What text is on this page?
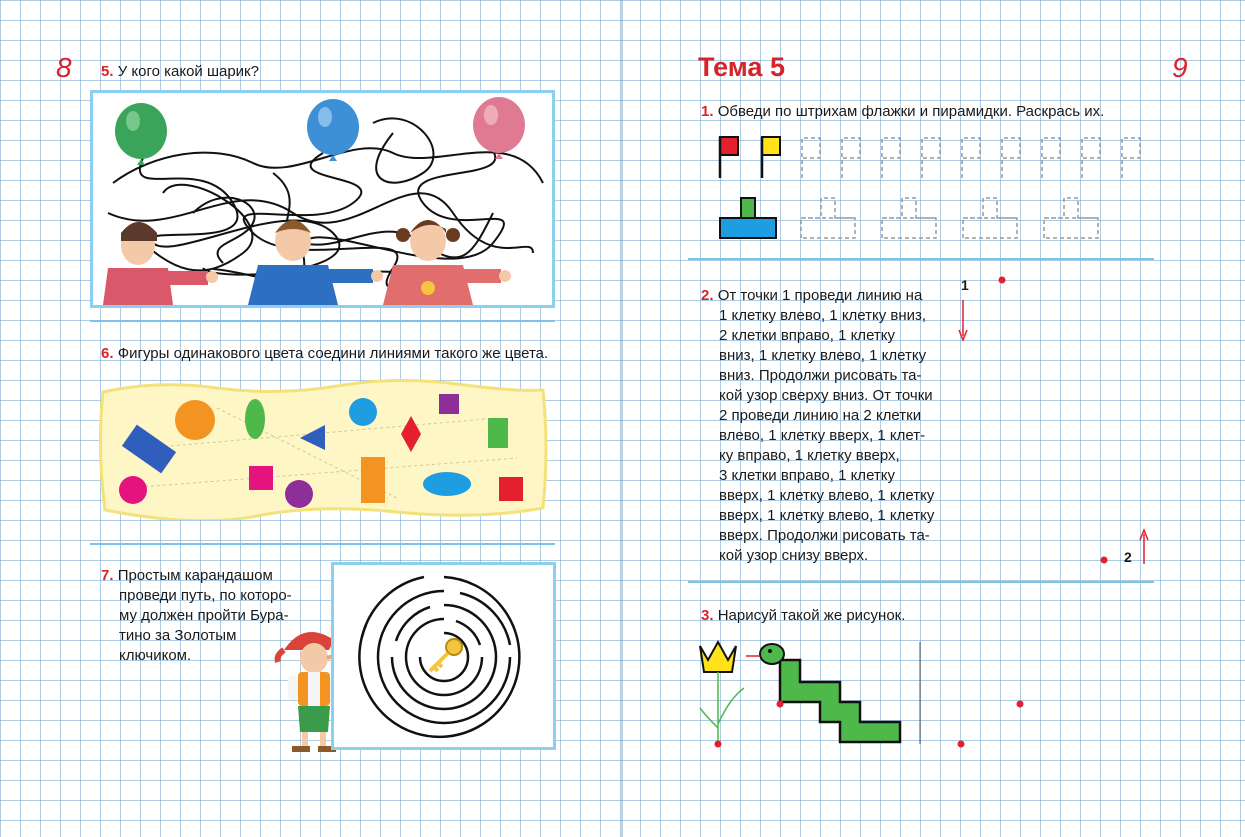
8 5. У кого какой шарик?
6. Фигуры одинакового цвета соедини линиями такого же цвета.
7. Простым карандашом
проведи путь, по которо-
му должен пройти Бура-
тино за Золотым
ключиком.
Тема 5	9
1. Обведи по штрихам флажки и пирамидки. Раскрась их.
2. От точки 1 проведи линию на
1 клетку влево, 1 клетку вниз,
2 клетки вправо, 1 клетку
вниз, 1 клетку влево, 1 клетку
вниз. Продолжи рисовать та-
кой узор сверху вниз. От точки
2 проведи линию на 2 клетки
влево, 1 клетку вверх, 1 клет-
ку вправо, 1 клетку вверх,
3 клетки вправо, 1 клетку
вверх, 1 клетку влево, 1 клетку
вверх, 1 клетку влево, 1 клетку
вверх. Продолжи рисовать та-
кой узор снизу вверх.
1
2
3. Нарисуй такой же рисунок.
